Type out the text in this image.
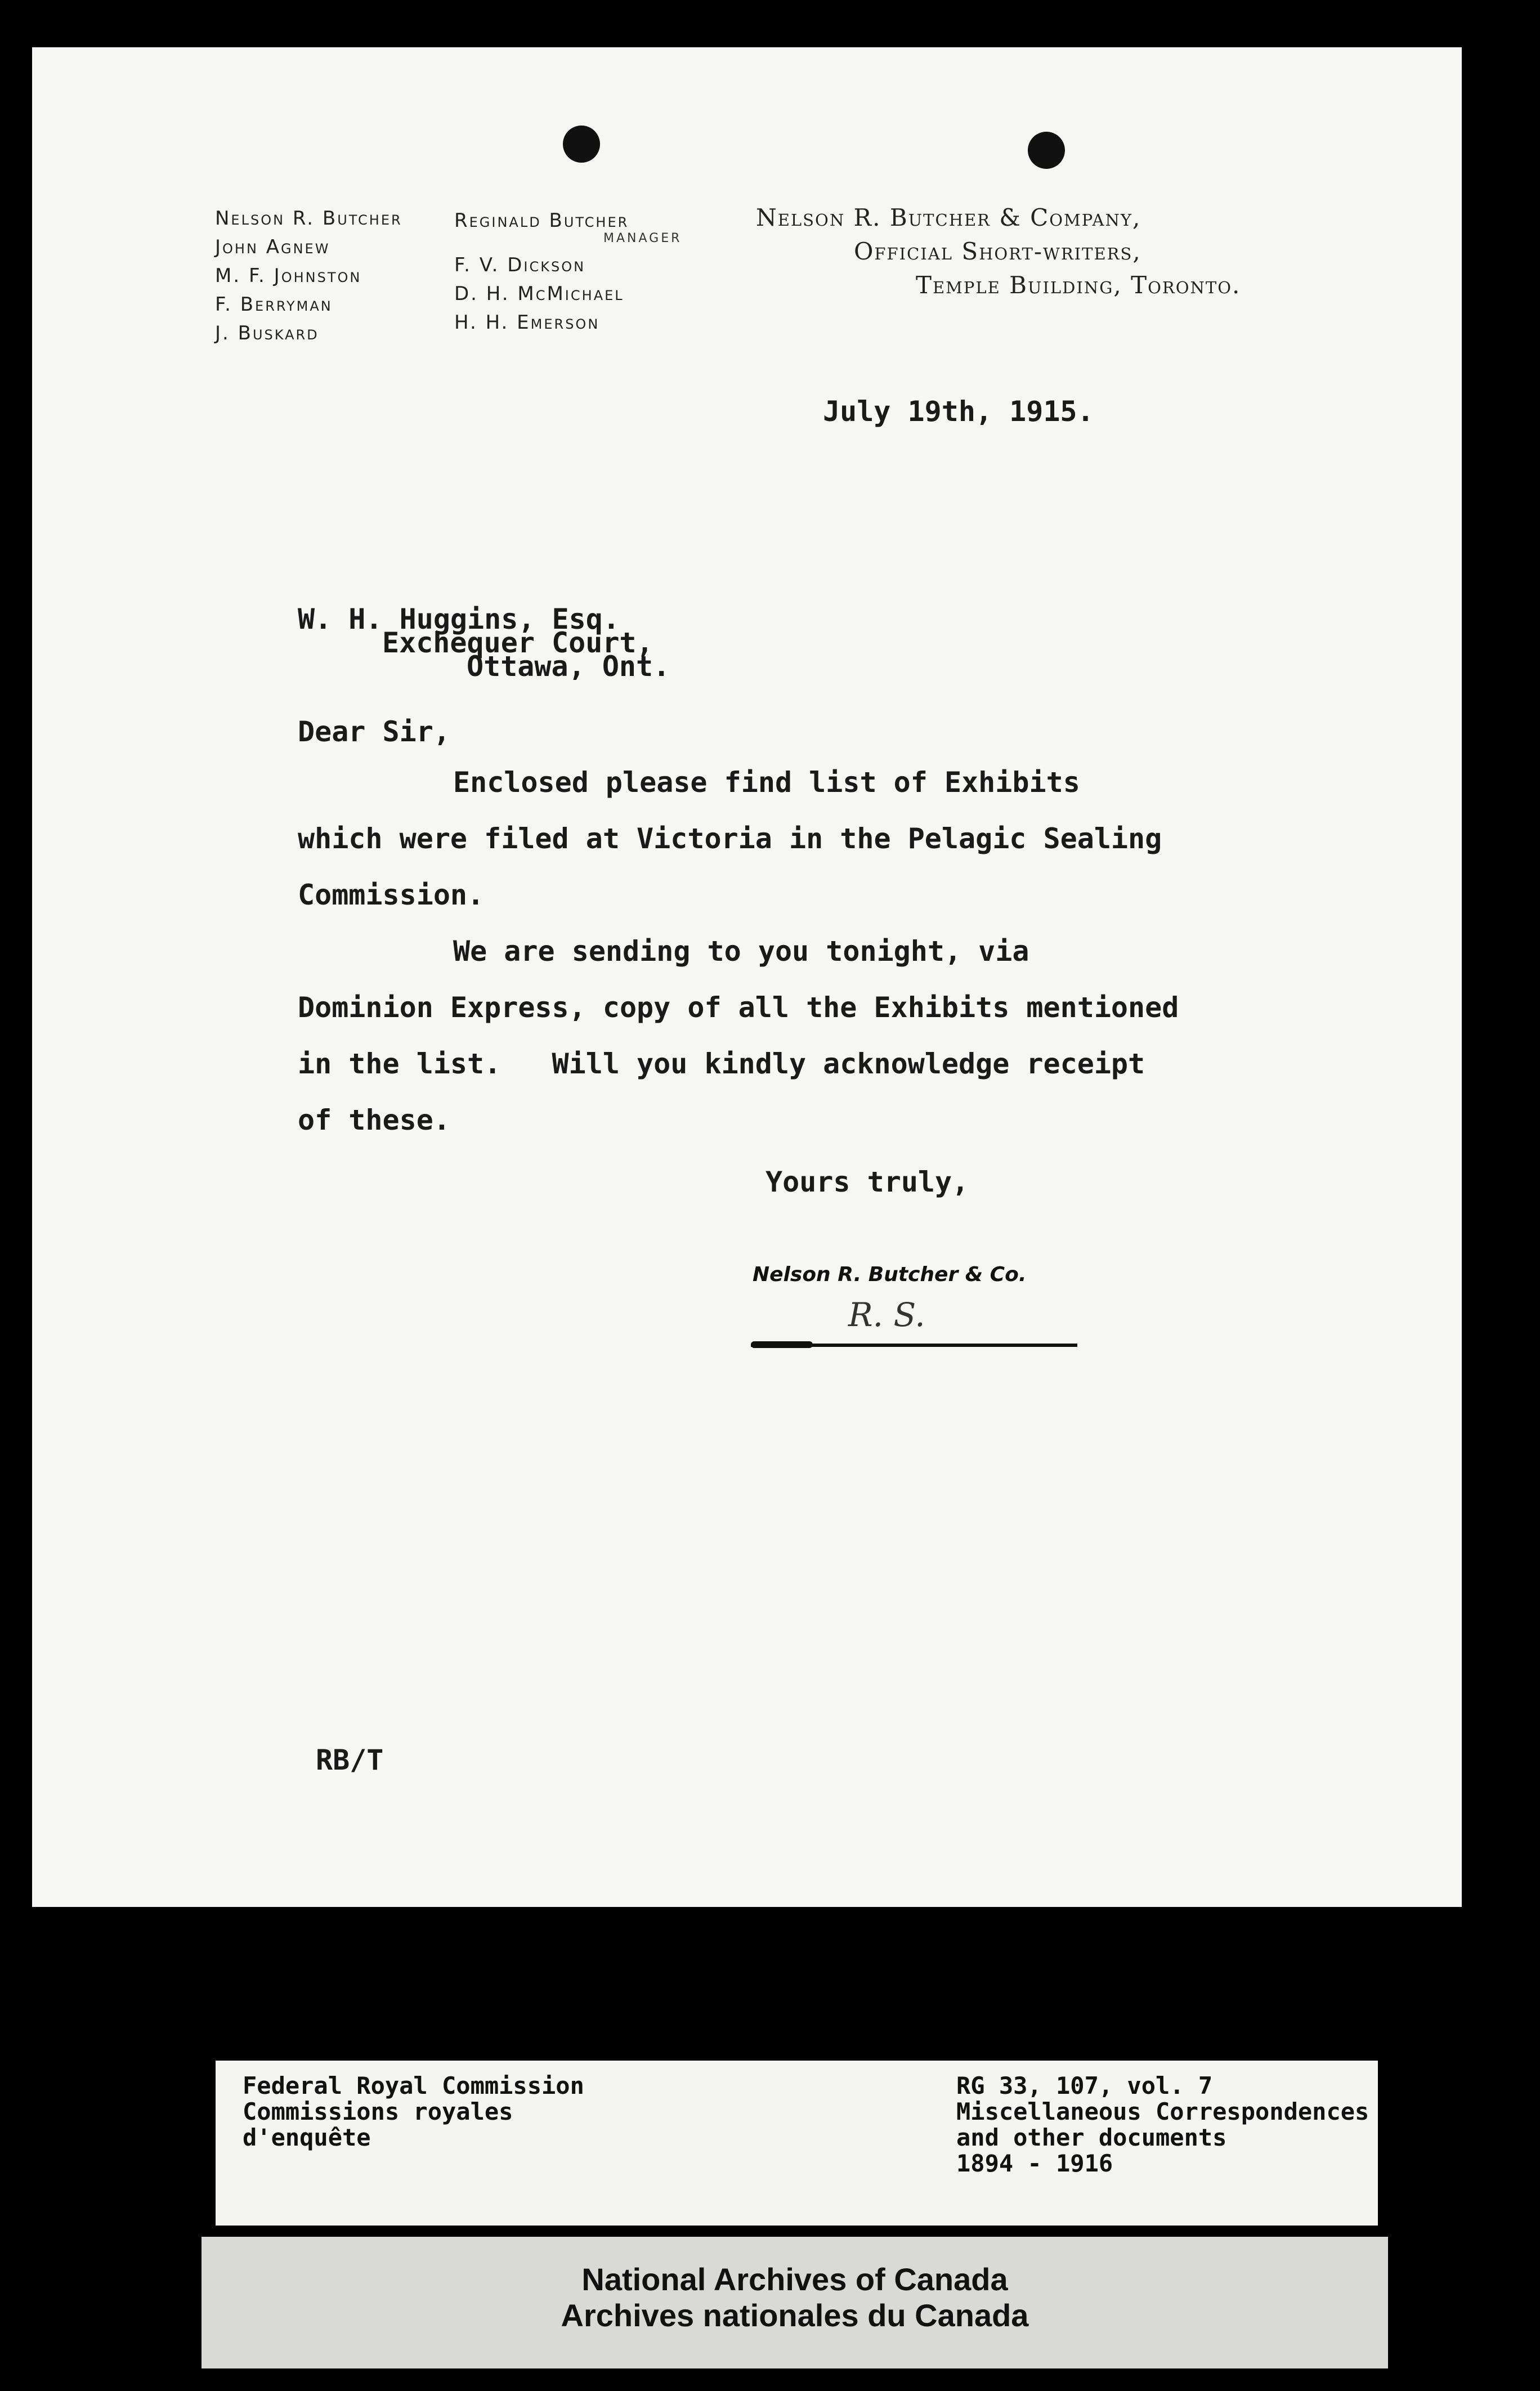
Nelson R. Butcher
John Agnew
M. F. Johnston
F. Berryman
J. Buskard
Reginald Butcher
MANAGER
F. V. Dickson
D. H. McMichael
H. H. Emerson
Nelson R. Butcher & Company,
Official Short-writers,
Temple Building, Toronto.
July 19th, 1915.
W. H. Huggins, Esq.
Exchequer Court,
Ottawa, Ont.
Dear Sir,
Enclosed please find list of Exhibits
which were filed at Victoria in the Pelagic Sealing
Commission.
We are sending to you tonight, via
Dominion Express, copy of all the Exhibits mentioned
in the list.   Will you kindly acknowledge receipt
of these.
Yours truly,
Nelson R. Butcher & Co.
R. S.
RB/T
Federal Royal Commission
Commissions royales
d'enquête
RG 33, 107, vol. 7
Miscellaneous Correspondences
and other documents
1894 - 1916
National Archives of Canada
Archives nationales du Canada
